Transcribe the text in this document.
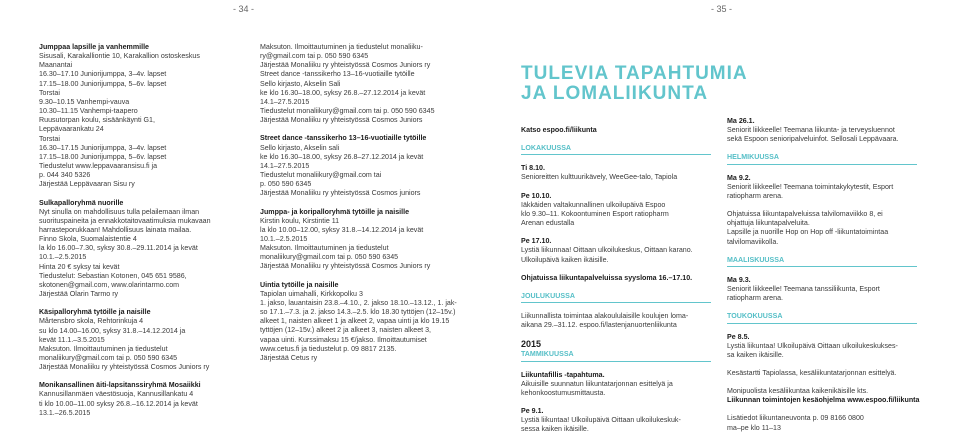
- 34 -	- 35 -

Jumppaa lapsille ja vanhemmille

Sisusali, Karakalliontie 10, Karakallion ostoskeskus

Maanantai

16.30–17.10 Juniorijumppa, 3–4v. lapset

17.15–18.00 Juniorijumppa, 5–6v. lapset

Torstai

9.30–10.15 Vanhempi-vauva

10.30–11.15 Vanhempi-taapero

Ruusutorpan koulu, sisäänkäynti G1,

Leppävaarankatu 24

Torstai

16.30–17.15 Juniorijumppa, 3–4v. lapset

17.15–18.00 Juniorijumppa, 5–6v. lapset

Tiedustelut www.leppavaaransisu.fi ja

p. 044 340 5326

Järjestää Leppävaaran Sisu ry

Sulkapalloryhmä nuorille

Nyt sinulla on mahdollisuus tulla pelailemaan ilman

suorituspaineita ja ennakkotaitovaatimuksia mukavaan

harrasteporukkaan! Mahdollisuus lainata mailaa.

Finno Skola, Suomalaistentie 4

la klo 16.00–7.30, syksy 30.8.–29.11.2014 ja kevät

10.1.–2.5.2015

Hinta 20 € syksy tai kevät

Tiedustelut: Sebastian Kotonen, 045 651 9586,

skotonen@gmail.com, www.olarintarmo.com

Järjestää Olarin Tarmo ry

Käsipalloryhmä tytöille ja naisille

Mårtensbro skola, Rehtorinkuja 4

su klo 14.00–16.00, syksy 31.8.–14.12.2014 ja

kevät 11.1.–3.5.2015

Maksuton. Ilmoittautuminen ja tiedustelut

monaliikury@gmail.com tai p. 050 590 6345

Järjestää Monaliiku ry yhteistyössä Cosmos Juniors ry

Monikansallinen äiti-lapsitanssiryhmä Mosaiikki

Kannusillanmäen väestösuoja, Kannusillankatu 4

ti klo 10.00–11.00 syksy 26.8.–16.12.2014 ja kevät

13.1.–26.5.2015

Maksuton. Ilmoittautuminen ja tiedustelut monaliiku-

ry@gmail.com tai p. 050 590 6345

Järjestää Monaliiku ry yhteistyössä Cosmos Juniors ry

Street dance -tanssikerho 13–16-vuotiaille tytöille

Sello kirjasto, Akselin Sali

ke klo 16.30–18.00, syksy 26.8.–27.12.2014 ja kevät

14.1–27.5.2015

Tiedustelut monaliikury@gmail.com tai p. 050 590 6345

Järjestää Monaliiku ry yhteistyössä Cosmos Juniors

Street dance -tanssikerho 13–16-vuotiaille tytöille

Sello kirjasto, Akselin sali

ke klo 16.30–18.00, syksy 26.8–27.12.2014 ja kevät

14.1–27.5.2015

Tiedustelut monaliikury@gmail.com tai

p. 050 590 6345

Järjestää Monaliiku ry yhteistyössä Cosmos juniors

Jumppa- ja koripalloryhmä tytöille ja naisille

Kirstin koulu, Kirstintie 11

la klo 10.00–12.00, syksy 31.8.–14.12.2014 ja kevät

10.1.–2.5.2015

Maksuton. Ilmoittautuminen ja tiedustelut

monaliikury@gmail.com tai p. 050 590 6345

Järjestää Monaliiku ry yhteistyössä Cosmos Juniors ry

Uintia tytöille ja naisille

Tapiolan uimahalli, Kirkkopolku 3

1. jakso, lauantaisin 23.8.–4.10., 2. jakso 18.10.–13.12., 1. jak-

so 17.1.–7.3. ja 2. jakso 14.3.–2.5. klo 18.30 tyttöjen (12–15v.)

alkeet 1, naisten alkeet 1 ja alkeet 2, vapaa uinti ja klo 19.15

tyttöjen (12–15v.) alkeet 2 ja alkeet 3, naisten alkeet 3,

vapaa uinti. Kurssimaksu 15 €/jakso. Ilmoittautumiset

www.cetus.fi ja tiedustelut p. 09 8817 2135.

Järjestää Cetus ry

TULEVIA TAPAHTUMIA
JA LOMALIIKUNTA

Katso espoo.fi/liikunta

LOKAKUUSSA

Ti 8.10.

Senioreitten kulttuurikävely, WeeGee-talo, Tapiola

Pe 10.10.

Iäkkäiden valtakunnallinen ulkoilupäivä Espoo

klo 9.30–11. Kokoontuminen Esport ratiopharm

Arenan edustalla

Pe 17.10.

Lystiä liikunnaa! Oittaan ulkoilukeskus, Oittaan karano.

Ulkoilupäivä kaiken ikäisille.

Ohjatuissa liikuntapalveluissa syysloma 16.–17.10.

JOULUKUUSSA

Liikunnallista toimintaa alakoululaisille koulujen loma-

aikana 29.–31.12. espoo.fi/lastenjanuortenliikunta

2015

TAMMIKUUSSA

Liikuntafillis -tapahtuma.

Aikuisille suunnatun liikuntatarjonnan esittelyä ja

kehonkoostumusmittausta.

Pe 9.1.

Lystiä liikuntaa! Ulkoilupäivä Oittaan ulkoilukeskuk-

sessa kaiken ikäisille.

Ma 26.1.

Seniorit liikkeelle! Teemana liikunta- ja terveysluennot

sekä Espoon senioripalveluinfot. Sellosali Leppävaara.

HELMIKUUSSA

Ma 9.2.

Seniorit liikkeelle! Teemana toimintakykytestit, Esport

ratiopharm arena.

Ohjatuissa liikuntapalveluissa talvilomaviikko 8, ei

ohjattuja liikuntapalveluita.

Lapsille ja nuorille Hop on Hop off -liikuntatoimintaa

talvilomaviikolla.

MAALISKUUSSA

Ma 9.3.

Seniorit liikkeelle! Teemana tanssiliikunta, Esport

ratiopharm arena.

TOUKOKUUSSA

Pe 8.5.

Lystiä liikuntaa! Ulkoilupäivä Oittaan ulkoilukeskukses-

sa kaiken ikäisille.

Kesästartti Tapiolassa, kesäliikuntatarjonnan esittelyä.

Monipuolista kesäliikuntaa kaikenikäisille kts.

Liikunnan toimintojen kesäohjelma www.espoo.fi/liikunta

Lisätiedot liikuntaneuvonta p. 09 8166 0800

ma–pe klo 11–13
